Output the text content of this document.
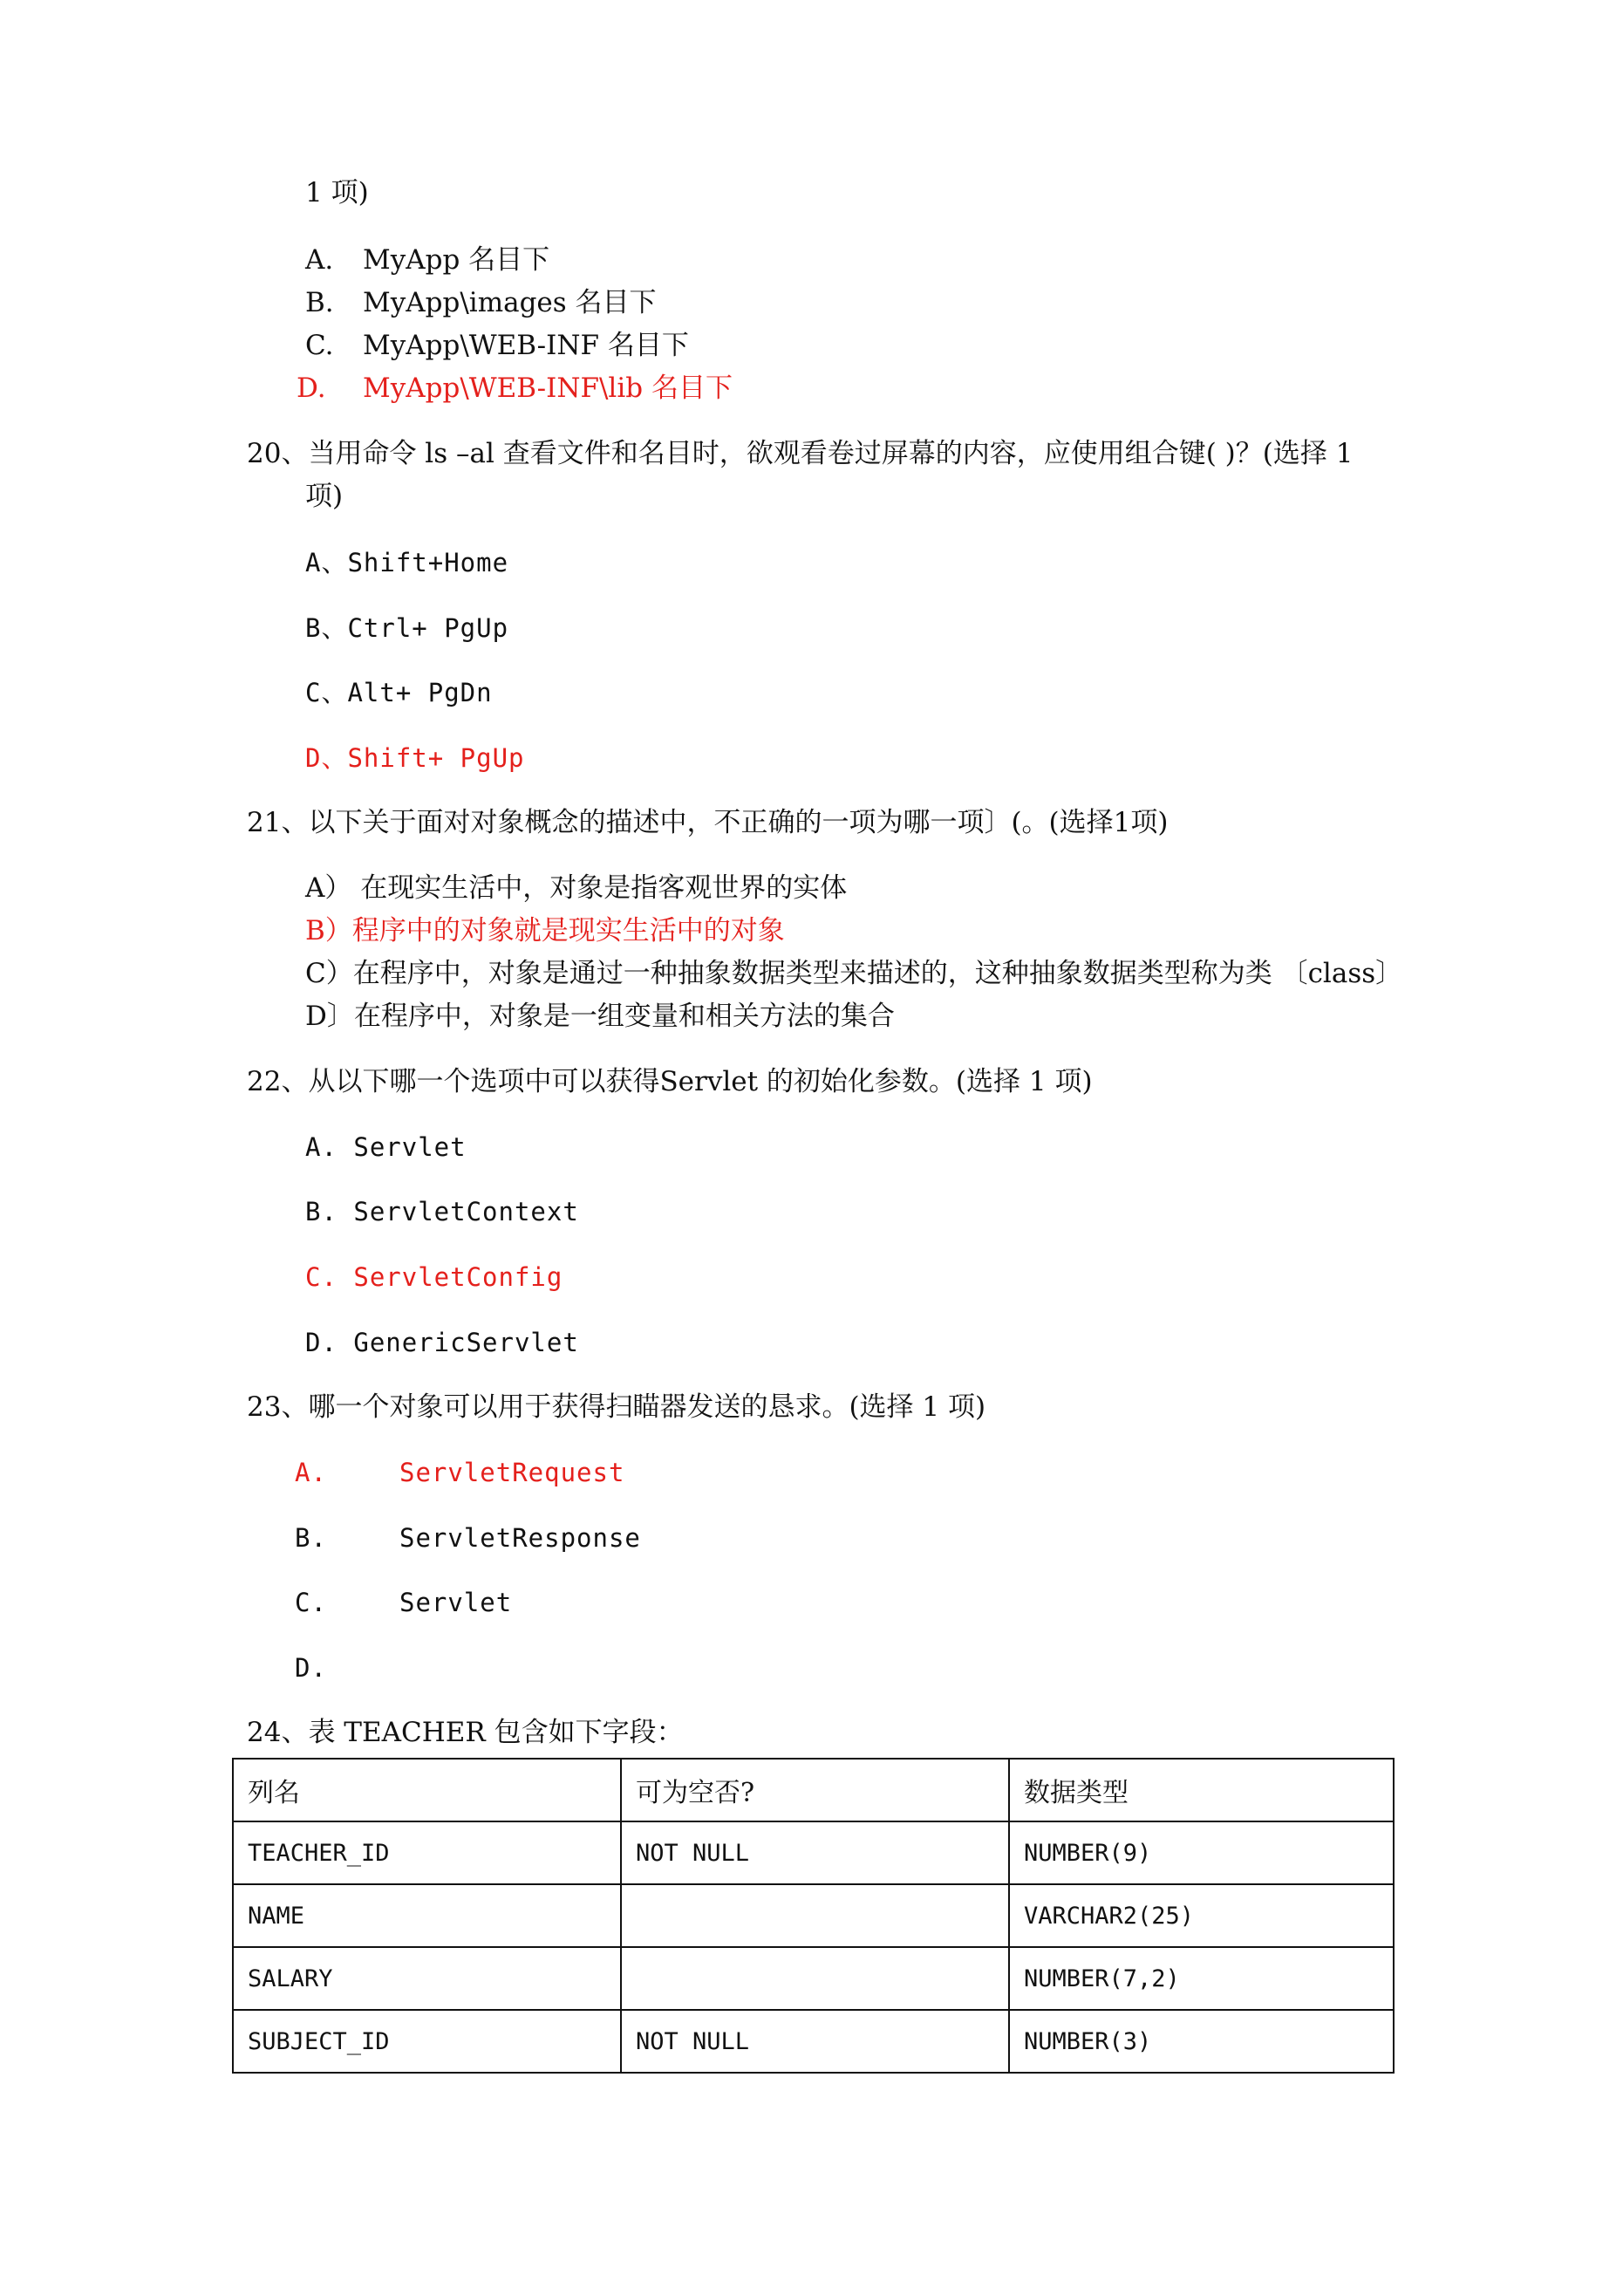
1 项)
A. MyApp 名目下
B. MyApp\images 名目下
C. MyApp\WEB-INF 名目下
D. MyApp\WEB-INF\lib 名目下
20、当用命令 ls –al 查看文件和名目时，欲观看卷过屏幕的内容，应使用组合键( )？(选择 1
项)
A、Shift+Home
B、Ctrl+ PgUp
C、Alt+ PgDn
D、Shift+ PgUp
21、以下关于面对对象概念的描述中，不正确的一项为哪一项〕(。(选择1项)
A） 在现实生活中，对象是指客观世界的实体
B）程序中的对象就是现实生活中的对象
C）在程序中，对象是通过一种抽象数据类型来描述的，这种抽象数据类型称为类 〔class〕
D〕在程序中，对象是一组变量和相关方法的集合
22、从以下哪一个选项中可以获得Servlet 的初始化参数。(选择 1 项)
A. Servlet
B. ServletContext
C. ServletConfig
D. GenericServlet
23、哪一个对象可以用于获得扫瞄器发送的恳求。(选择 1 项)
A.	ServletRequest
B.	ServletResponse
C.	Servlet
D.
24、表 TEACHER 包含如下字段：
列名	可为空否?	数据类型
TEACHER_ID	NOT NULL	NUMBER(9)
NAME		VARCHAR2(25)
SALARY		NUMBER(7,2)
SUBJECT_ID	NOT NULL	NUMBER(3)
